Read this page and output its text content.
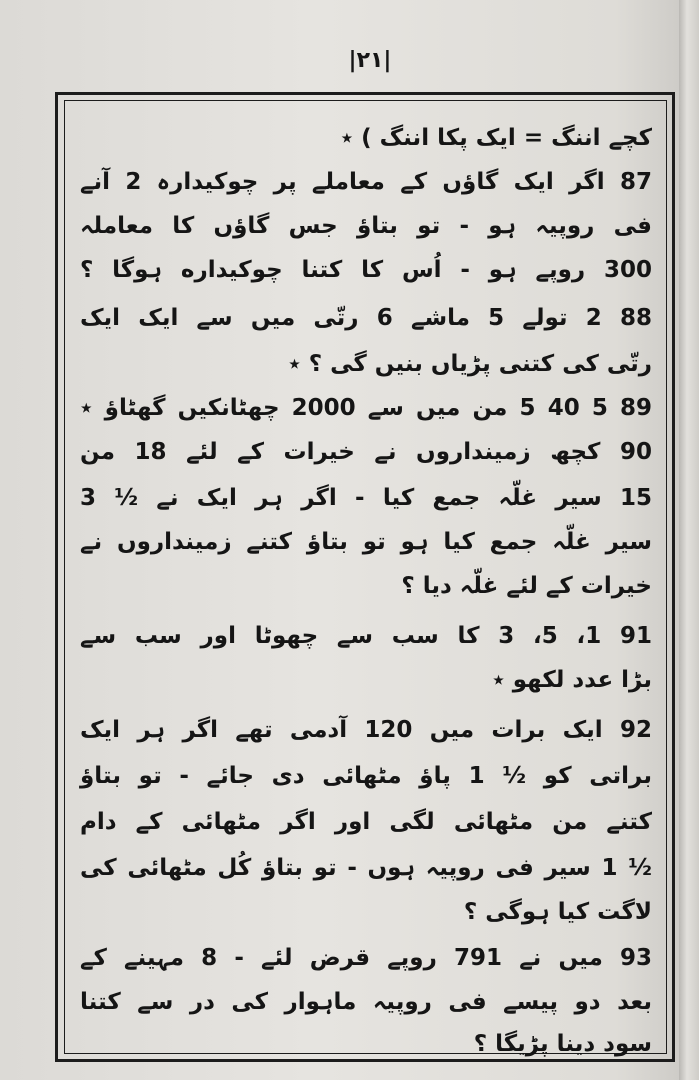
|۲۱|
کچے اننگ = ایک پکا اننگ ) ٭
87 اگر ایک گاؤں کے معاملے پر چوکیدارہ 2 آنے
فی روپیہ ہو - تو بتاؤ جس گاؤں کا معاملہ
300 روپے ہو - اُس کا کتنا چوکیداره ہوگا ؟
88 2 تولے 5 ماشے 6 رتّی میں سے ایک ایک
رتّی کی کتنی پڑیاں بنیں گی ؟ ٭
89 5 40 5 من میں سے 2000 چھٹانکیں گھٹاؤ ٭
90 کچھ زمینداروں نے خیرات کے لئے 18 من
15 سیر غلّہ جمع کیا - اگر ہر ایک نے ½ 3
سیر غلّہ جمع کیا ہو تو بتاؤ کتنے زمینداروں نے
خیرات کے لئے غلّہ دیا ؟
91 1، 5، 3 کا سب سے چھوٹا اور سب سے
بڑا عدد لکھو ٭
92 ایک برات میں 120 آدمی تھے اگر ہر ایک
براتی کو ½ 1 پاؤ مٹھائی دی جائے - تو بتاؤ
کتنے من مٹھائی لگی اور اگر مٹھائی کے دام
½ 1 سیر فی روپیہ ہوں - تو بتاؤ کُل مٹھائی کی
لاگت کیا ہوگی ؟
93 میں نے 791 روپے قرض لئے - 8 مہینے کے
بعد دو پیسے فی روپیہ ماہوار کی در سے کتنا
سود دینا پڑیگا ؟
